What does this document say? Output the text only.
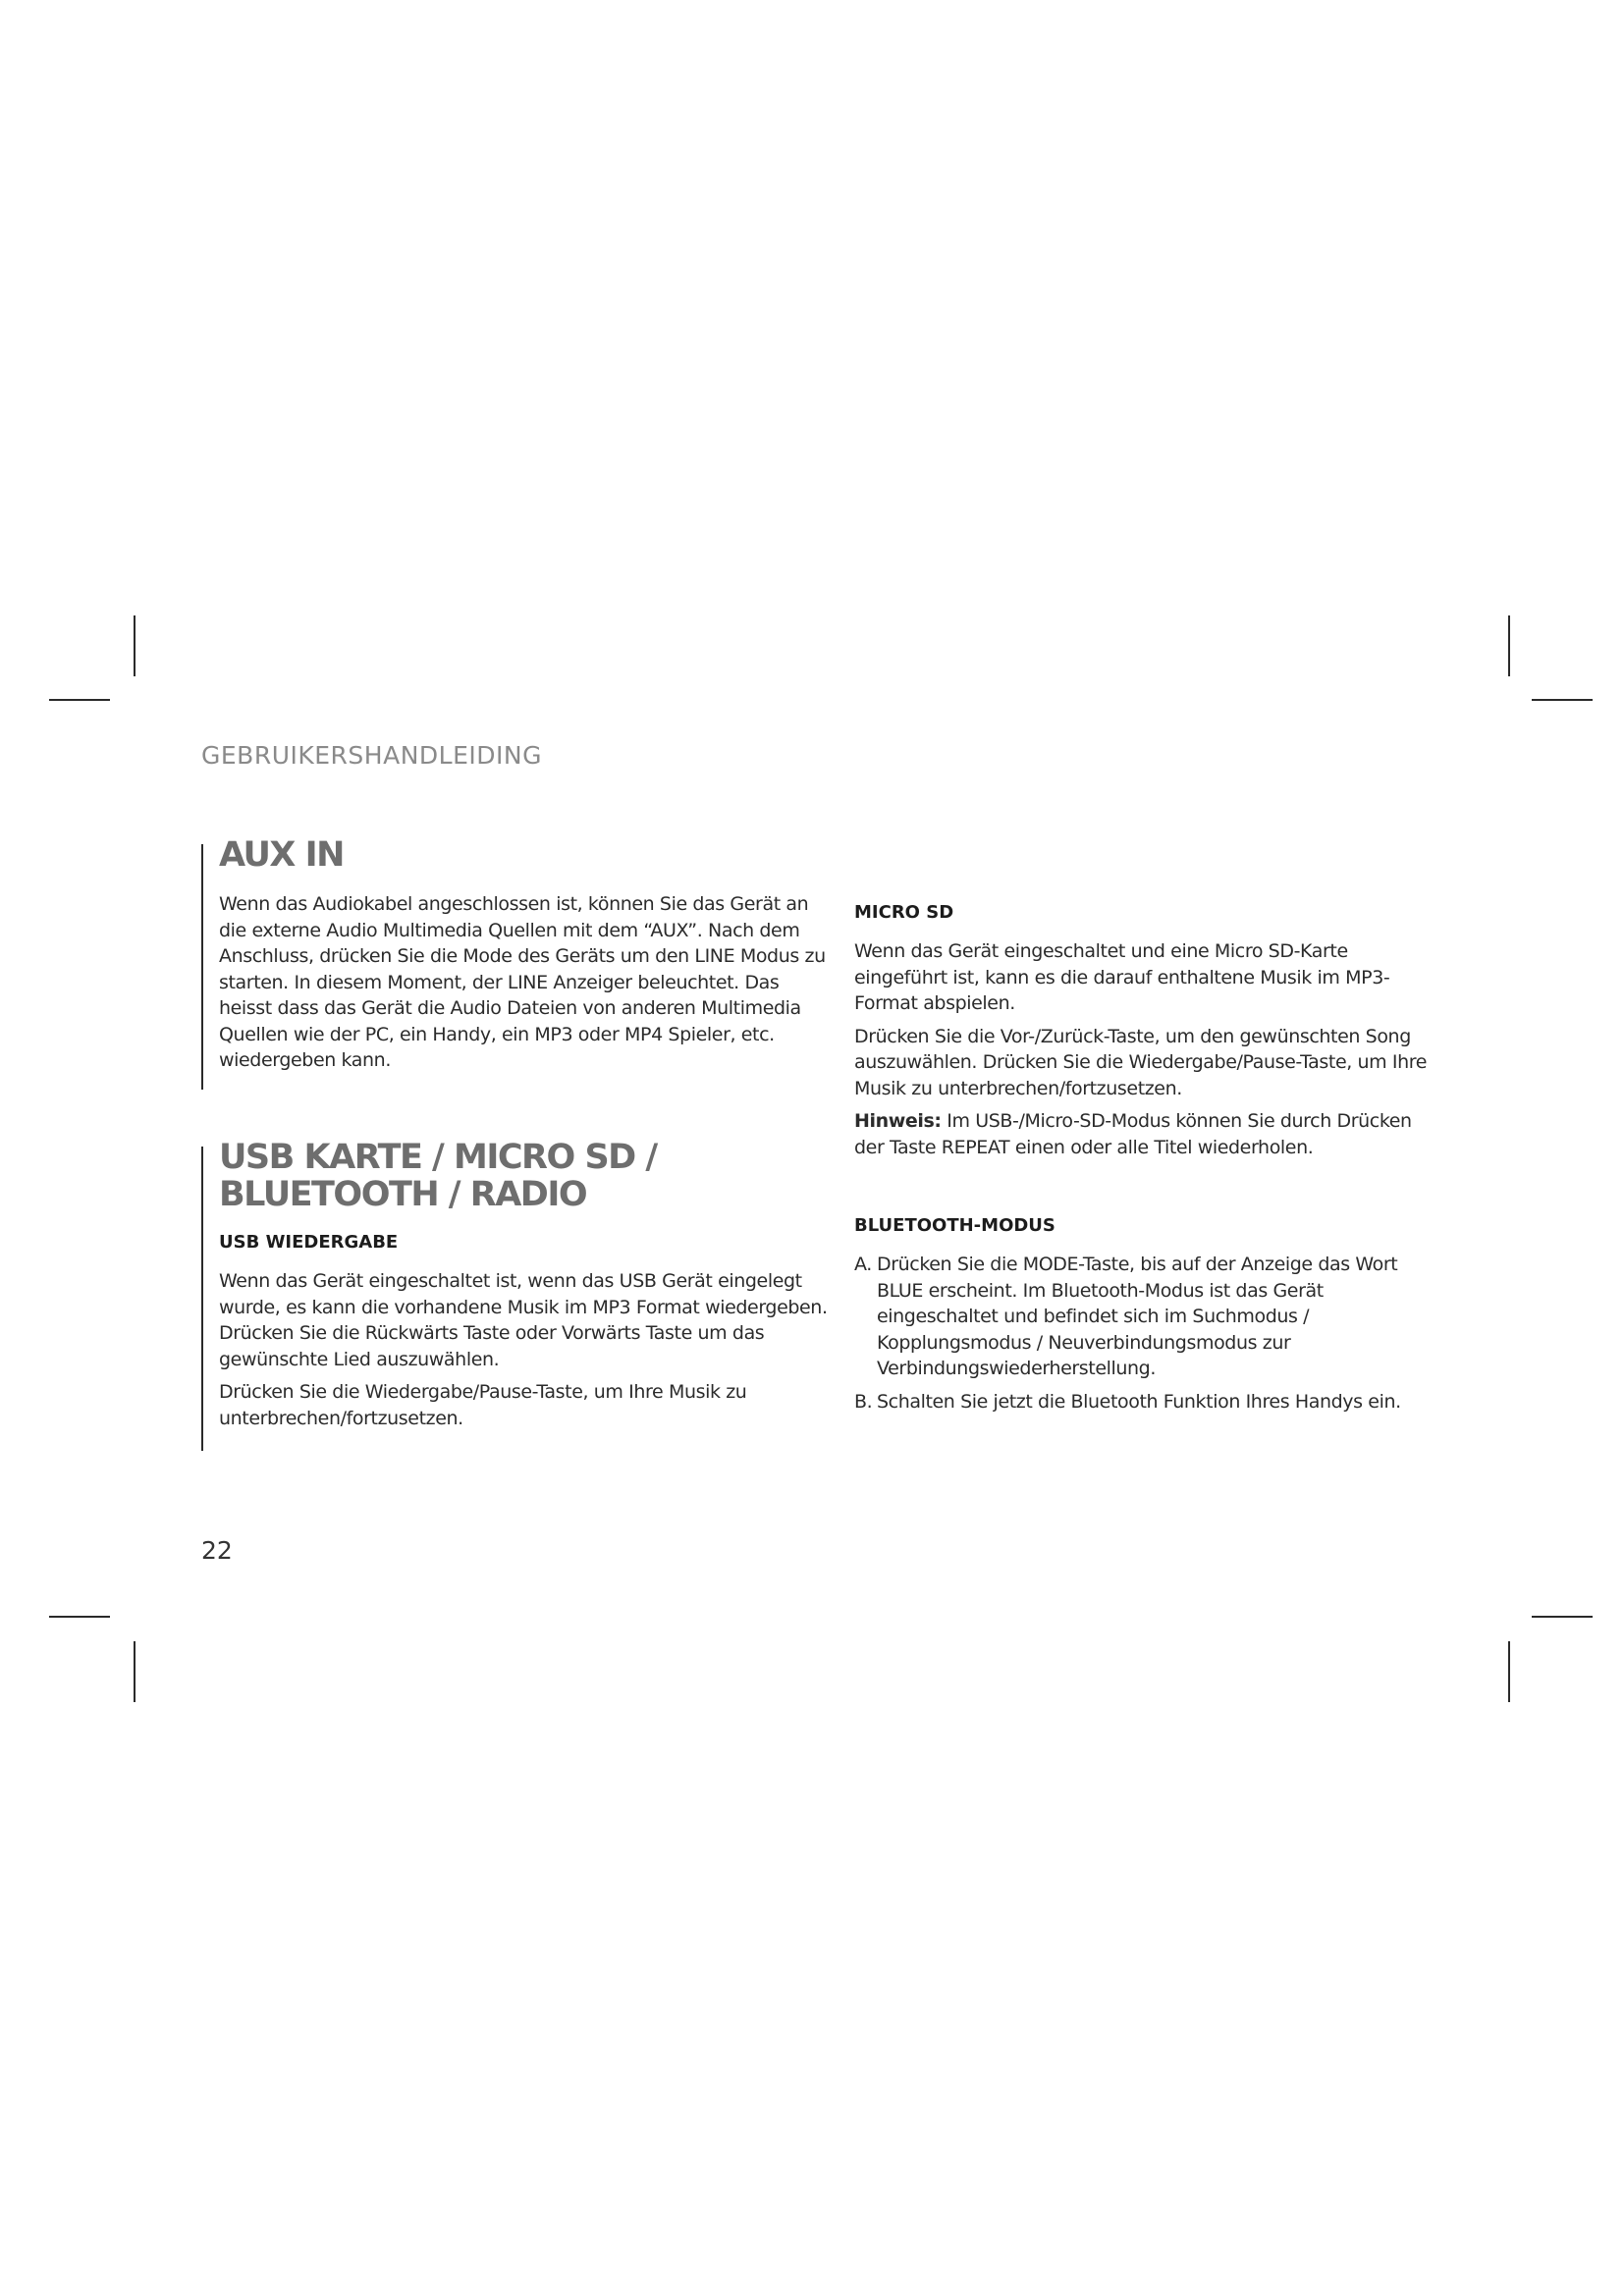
GEBRUIKERSHANDLEIDING
AUX IN

Wenn das Audiokabel angeschlossen ist, können Sie das Gerät an die externe Audio Multimedia Quellen mit dem “AUX”. Nach dem Anschluss, drücken Sie die Mode des Geräts um den LINE Modus zu starten. In diesem Moment, der LINE Anzeiger beleuchtet. Das heisst dass das Gerät die Audio Dateien von anderen Multimedia Quellen wie der PC, ein Handy, ein MP3 oder MP4 Spieler, etc. wiedergeben kann.

USB KARTE / MICRO SD /
BLUETOOTH / RADIO
USB WIEDERGABE

Wenn das Gerät eingeschaltet ist, wenn das USB Gerät eingelegt wurde, es kann die vorhandene Musik im MP3 Format wiedergeben. Drücken Sie die Rückwärts Taste oder Vorwärts Taste um das gewünschte Lied auszuwählen.

Drücken Sie die Wiedergabe/Pause-Taste, um Ihre Musik zu unterbrechen/fortzusetzen.

MICRO SD

Wenn das Gerät eingeschaltet und eine Micro SD-Karte eingeführt ist, kann es die darauf enthaltene Musik im MP3-Format abspielen.

Drücken Sie die Vor-/Zurück-Taste, um den gewünschten Song auszuwählen. Drücken Sie die Wiedergabe/Pause-Taste, um Ihre Musik zu unterbrechen/fortzusetzen.

Hinweis: Im USB-/Micro-SD-Modus können Sie durch Drücken der Taste REPEAT einen oder alle Titel wiederholen.

BLUETOOTH-MODUS
A. Drücken Sie die MODE-Taste, bis auf der Anzeige das Wort BLUE erscheint. Im Bluetooth-Modus ist das Gerät eingeschaltet und befindet sich im Suchmodus / Kopplungsmodus / Neuverbindungsmodus zur Verbindungswiederherstellung.
B. Schalten Sie jetzt die Bluetooth Funktion Ihres Handys ein.
22
